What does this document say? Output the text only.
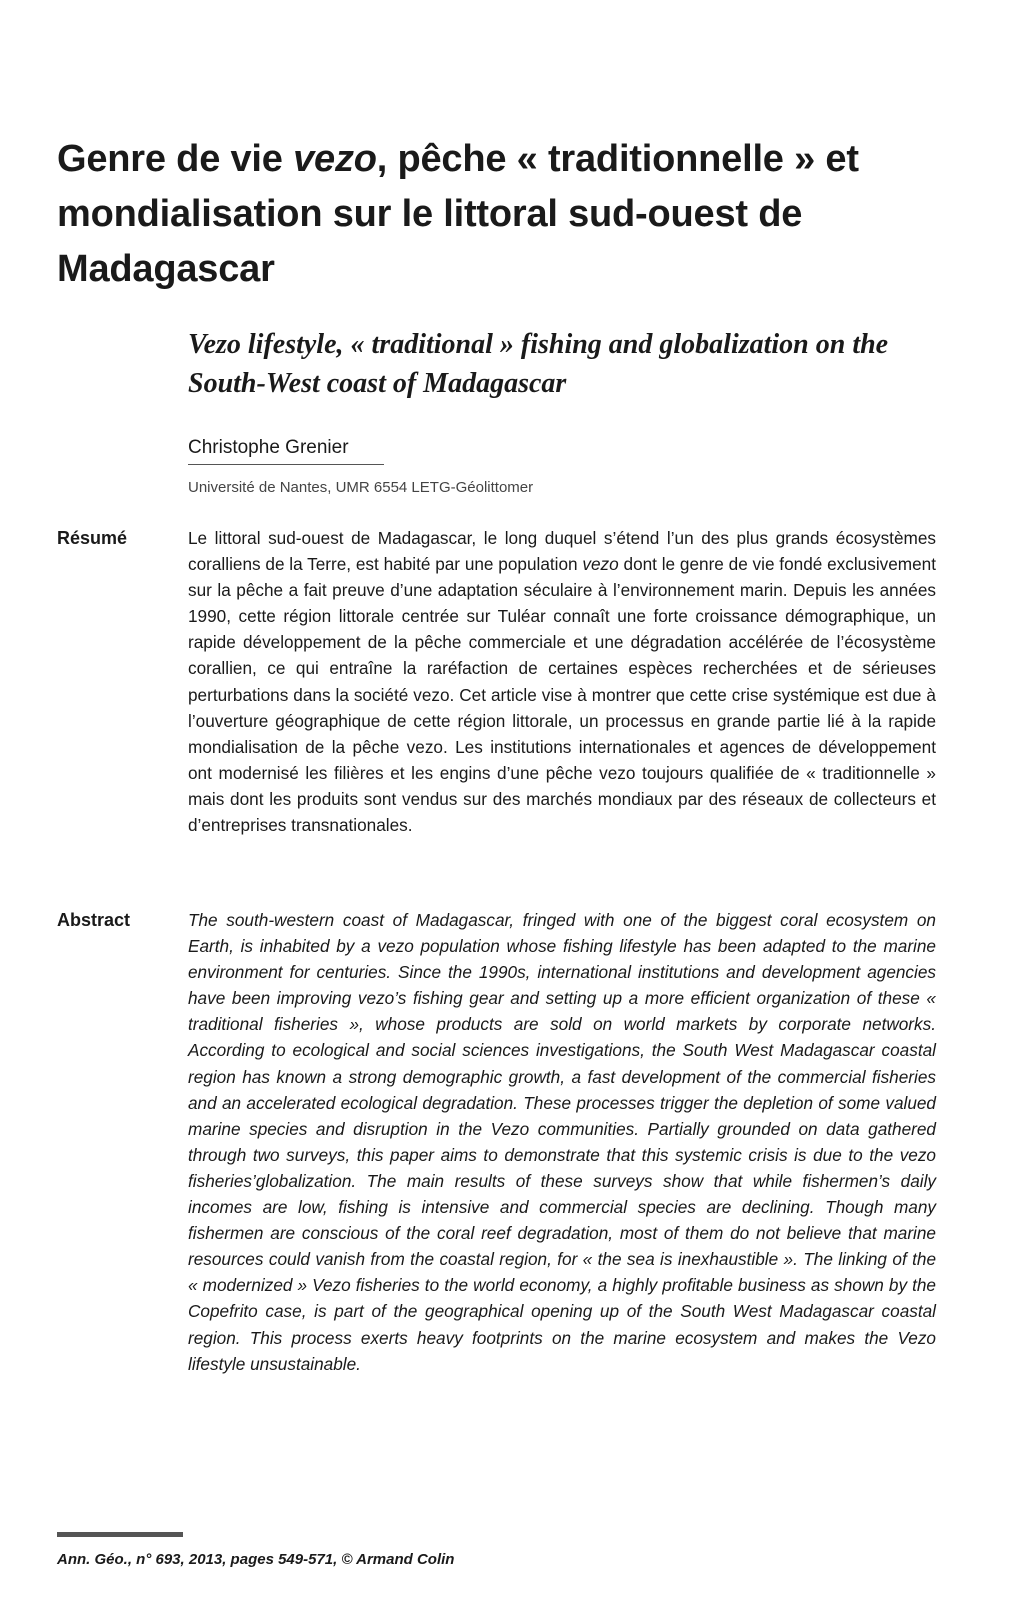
Genre de vie vezo, pêche « traditionnelle » et mondialisation sur le littoral sud-ouest de Madagascar
Vezo lifestyle, « traditional » fishing and globalization on the South-West coast of Madagascar
Christophe Grenier
Université de Nantes, UMR 6554 LETG-Géolittomer
Résumé	Le littoral sud-ouest de Madagascar, le long duquel s’étend l’un des plus grands écosystèmes coralliens de la Terre, est habité par une population vezo dont le genre de vie fondé exclusivement sur la pêche a fait preuve d’une adaptation séculaire à l’environnement marin. Depuis les années 1990, cette région littorale centrée sur Tuléar connaît une forte croissance démographique, un rapide développement de la pêche commerciale et une dégradation accélérée de l’écosystème corallien, ce qui entraîne la raréfaction de certaines espèces recherchées et de sérieuses perturbations dans la société vezo. Cet article vise à montrer que cette crise systémique est due à l’ouverture géographique de cette région littorale, un processus en grande partie lié à la rapide mondialisation de la pêche vezo. Les institutions internationales et agences de développement ont modernisé les filières et les engins d’une pêche vezo toujours qualifiée de « traditionnelle » mais dont les produits sont vendus sur des marchés mondiaux par des réseaux de collecteurs et d’entreprises transnationales.

Abstract	The south-western coast of Madagascar, fringed with one of the biggest coral ecosystem on Earth, is inhabited by a vezo population whose fishing lifestyle has been adapted to the marine environment for centuries. Since the 1990s, international institutions and development agencies have been improving vezo’s fishing gear and setting up a more efficient organization of these « traditional fisheries », whose products are sold on world markets by corporate networks. According to ecological and social sciences investigations, the South West Madagascar coastal region has known a strong demographic growth, a fast development of the commercial fisheries and an accelerated ecological degradation. These processes trigger the depletion of some valued marine species and disruption in the Vezo communities. Partially grounded on data gathered through two surveys, this paper aims to demonstrate that this systemic crisis is due to the vezo fisheries’globalization. The main results of these surveys show that while fishermen’s daily incomes are low, fishing is intensive and commercial species are declining. Though many fishermen are conscious of the coral reef degradation, most of them do not believe that marine resources could vanish from the coastal region, for « the sea is inexhaustible ». The linking of the « modernized » Vezo fisheries to the world economy, a highly profitable business as shown by the Copefrito case, is part of the geographical opening up of the South West Madagascar coastal region. This process exerts heavy footprints on the marine ecosystem and makes the Vezo lifestyle unsustainable.

Ann. Géo., n° 693, 2013, pages 549-571, © Armand Colin
